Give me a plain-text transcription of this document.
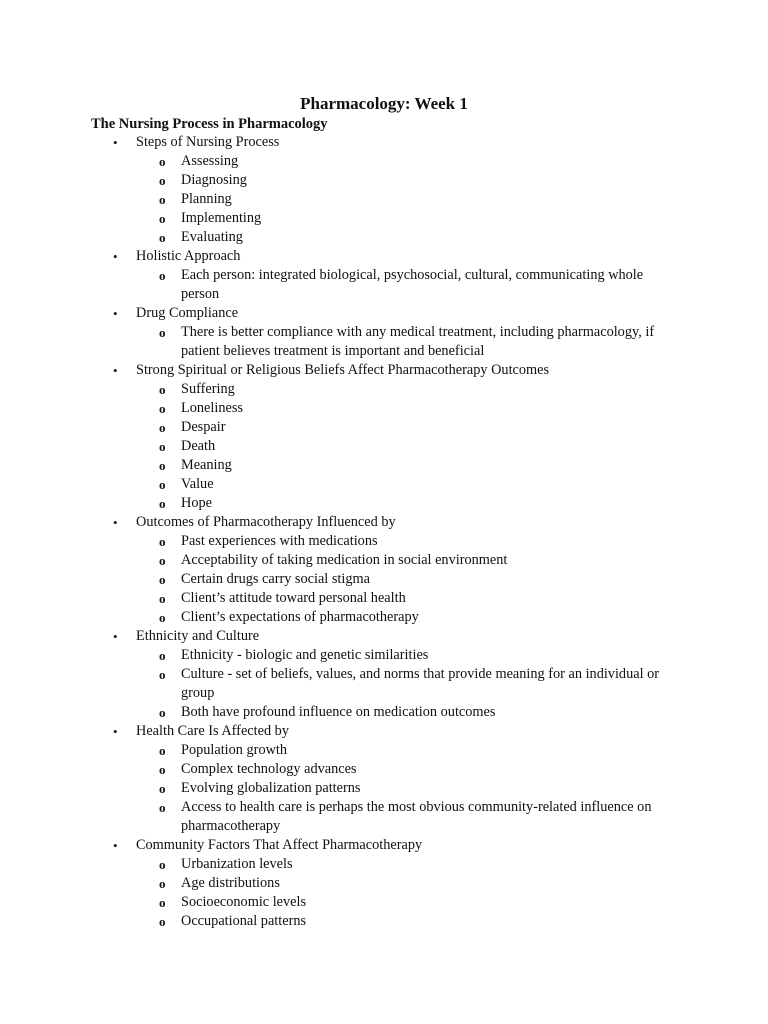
Pharmacology: Week 1
The Nursing Process in Pharmacology
• Steps of Nursing Process
o Assessing
o Diagnosing
o Planning
o Implementing
o Evaluating
• Holistic Approach
o Each person: integrated biological, psychosocial, cultural, communicating whole person
• Drug Compliance
o There is better compliance with any medical treatment, including pharmacology, if patient believes treatment is important and beneficial
• Strong Spiritual or Religious Beliefs Affect Pharmacotherapy Outcomes
o Suffering
o Loneliness
o Despair
o Death
o Meaning
o Value
o Hope
• Outcomes of Pharmacotherapy Influenced by
o Past experiences with medications
o Acceptability of taking medication in social environment
o Certain drugs carry social stigma
o Client’s attitude toward personal health
o Client’s expectations of pharmacotherapy
• Ethnicity and Culture
o Ethnicity - biologic and genetic similarities
o Culture - set of beliefs, values, and norms that provide meaning for an individual or group
o Both have profound influence on medication outcomes
• Health Care Is Affected by
o Population growth
o Complex technology advances
o Evolving globalization patterns
o Access to health care is perhaps the most obvious community-related influence on pharmacotherapy
• Community Factors That Affect Pharmacotherapy
o Urbanization levels
o Age distributions
o Socioeconomic levels
o Occupational patterns
